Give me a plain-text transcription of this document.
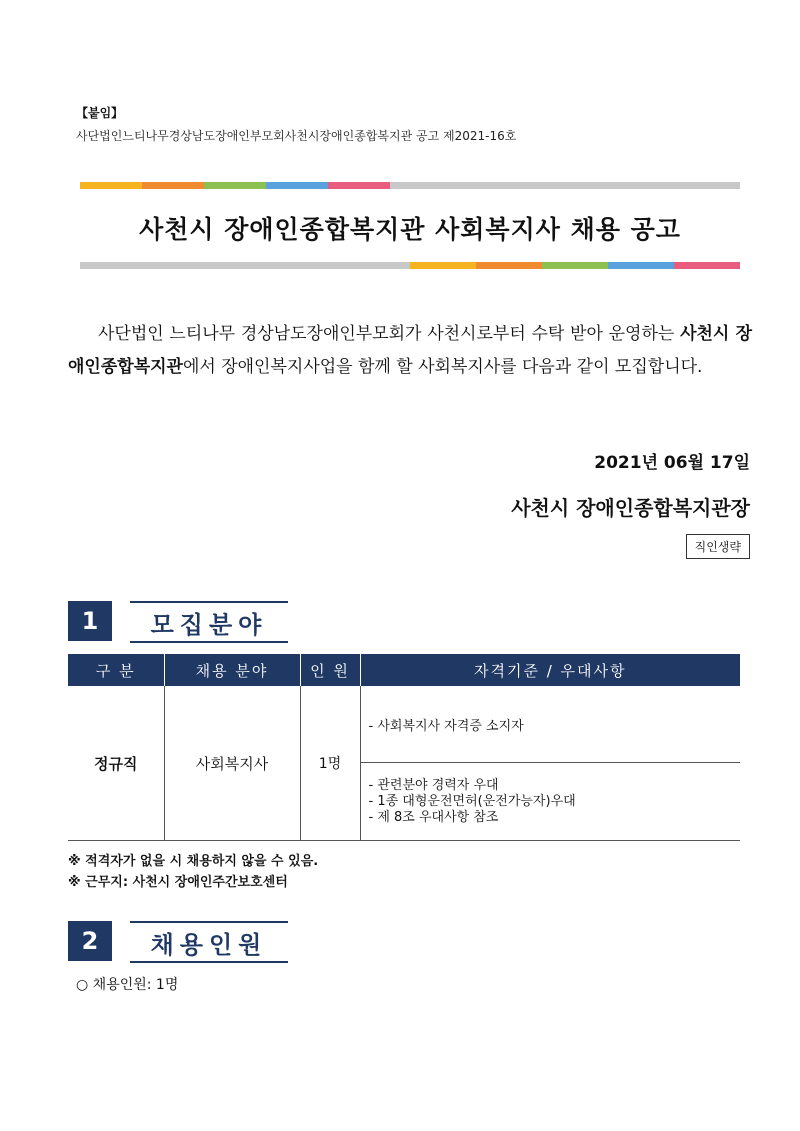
【붙임】
사단법인느티나무경상남도장애인부모회사천시장애인종합복지관 공고 제2021-16호
사천시 장애인종합복지관 사회복지사 채용 공고
사단법인 느티나무 경상남도장애인부모회가 사천시로부터 수탁 받아 운영하는 사천시 장애인종합복지관에서 장애인복지사업을 함께 할 사회복지사를 다음과 같이 모집합니다.
2021년 06월 17일
사천시 장애인종합복지관장
직인생략
1	모집분야
구 분	채용 분야	인 원	자격기준 / 우대사항
정규직	사회복지사	1명	- 사회복지사 자격증 소지자
- 관련분야 경력자 우대
- 1종 대형운전면허(운전가능자)우대
- 제 8조 우대사항 참조
※ 적격자가 없을 시 채용하지 않을 수 있음.
※ 근무지: 사천시 장애인주간보호센터
2	채용인원
○ 채용인원: 1명
